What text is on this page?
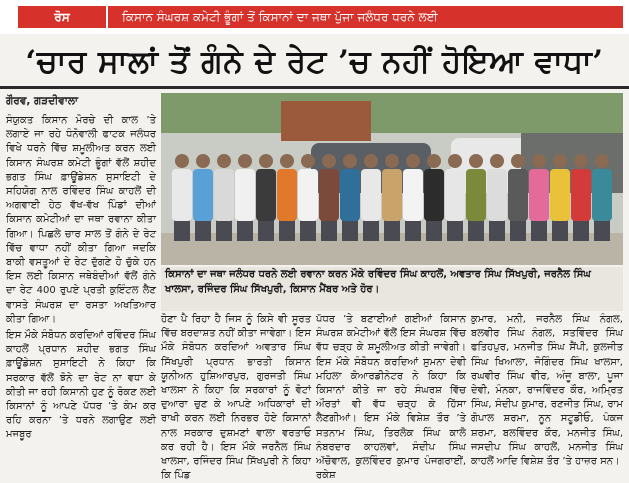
ਰੋਸ	ਕਿਸਾਨ ਸੰਘਰਸ਼ ਕਮੇਟੀ ਭੂੰਗਾਂ ਤੋਂ ਕਿਸਾਨਾਂ ਦਾ ਜਥਾ ਪੁੱਜਾ ਜਲੰਧਰ ਧਰਨੇ ਲਈ
‘ਚਾਰ ਸਾਲਾਂ ਤੋਂ ਗੰਨੇ ਦੇ ਰੇਟ ’ਚ ਨਹੀਂ ਹੋਇਆ ਵਾਧਾ’
ਗੌਰਵ, ਗੜਦੀਵਾਲਾ

ਸੰਯੁਕਤ ਕਿਸਾਨ ਮੋਰਚੇ ਦੀ ਕਾਲ ’ਤੇ ਲਗਾਏ ਜਾ ਰਹੇ ਧੰਨੋਵਾਲੀ ਫਾਟਕ ਜਲੰਧਰ ਵਿਖੇ ਧਰਨੇ ਵਿੱਚ ਸ਼ਮੂਲੀਅਤ ਕਰਨ ਲਈ ਕਿਸਾਨ ਸੰਘਰਸ਼ ਕਮੇਟੀ ਭੂੰਗਾਂ ਵੱਲੋਂ ਸ਼ਹੀਦ ਭਗਤ ਸਿੰਘ ਫ਼ਾਊਂਡੇਸ਼ਨ ਸੁਸਾਇਟੀ ਦੇ ਸਹਿਯੋਗ ਨਾਲ ਰਵਿੰਦਰ ਸਿੰਘ ਕਾਹਲੋਂ ਦੀ ਅਗਵਾਈ ਹੇਠ ਵੱਖ-ਵੱਖ ਪਿੰਡਾਂ ਦੀਆਂ ਕਿਸਾਨ ਕਮੇਟੀਆਂ ਦਾ ਜਥਾ ਰਵਾਨਾ ਕੀਤਾ ਗਿਆ। ਪਿਛਲੇ ਚਾਰ ਸਾਲ ਤੋਂ ਗੰਨੇ ਦੇ ਰੇਟ ਵਿੱਚ ਵਾਧਾ ਨਹੀਂ ਕੀਤਾ ਗਿਆ ਜਦਕਿ ਬਾਕੀ ਵਸਤੂਆਂ ਦੇ ਰੇਟ ਦੁੱਗਣੇ ਹੋ ਚੁੱਕੇ ਹਨ ਇਸ ਲਈ ਕਿਸਾਨ ਜਥੇਬੰਦੀਆਂ ਵੱਲੋਂ ਗੰਨੇ ਦਾ ਰੇਟ 400 ਰੁਪਏ ਪ੍ਰਤੀ ਕੁਇੰਟਲ ਲੈਣ ਵਾਸਤੇ ਸੰਘਰਸ਼ ਦਾ ਰਸਤਾ ਅਖਤਿਆਰ ਕੀਤਾ ਗਿਆ।

ਇਸ ਮੌਕੇ ਸੰਬੋਧਨ ਕਰਦਿਆਂ ਰਵਿੰਦਰ ਸਿੰਘ ਕਾਹਲੋਂ ਪ੍ਰਧਾਨ ਸ਼ਹੀਦ ਭਗਤ ਸਿੰਘ ਫ਼ਾਊਂਡੇਸ਼ਨ ਸੁਸਾਇਟੀ ਨੇ ਕਿਹਾ ਕਿ ਸਰਕਾਰ ਵੱਲੋਂ ਝੋਨੇ ਦਾ ਰੇਟ ਨਾ ਵਧਾ ਕੇ ਕੀਤੀ ਜਾ ਰਹੀ ਕਿਸਾਨੀ ਹੁਣ ਨੂੰ ਰੋਕਣ ਲਈ ਕਿਸਾਨਾਂ ਨੂੰ ਆਪਣੇ ਪੱਧਰ ’ਤੇ ਕੰਮ ਕਰ ਰਹਿ ਕਰਨਾ ’ਤੇ ਧਰਨੇ ਲਗਾਉਣ ਲਈ ਮਜਬੂਰ

ਕਿਸਾਨਾਂ ਦਾ ਜਥਾ ਜਲੰਧਰ ਧਰਨੇ ਲਈ ਰਵਾਨਾ ਕਰਨ ਮੌਕੇ ਰਵਿੰਦਰ ਸਿੰਘ ਕਾਹਲੋਂ, ਅਵਤਾਰ ਸਿੰਘ ਸਿੱਖਪੁਰੀ, ਜਰਨੈਲ ਸਿੰਘ ਖਾਲਸਾ, ਰਜਿੰਦਰ ਸਿੰਘ ਸਿੱਖਪੁਰੀ, ਕਿਸਾਨ ਮੈਂਬਰ ਅਤੇ ਹੋਰ।

ਹੋਣਾ ਪੈ ਰਿਹਾ ਹੈ ਜਿਸ ਨੂੰ ਕਿਸੇ ਵੀ ਸੂਰਤ ਵਿੱਚ ਬਰਦਾਸ਼ਤ ਨਹੀਂ ਕੀਤਾ ਜਾਵੇਗਾ। ਇਸ ਮੌਕੇ ਸੰਬੋਧਨ ਕਰਦਿਆਂ ਅਵਤਾਰ ਸਿੰਘ ਸਿੱਖਪੁਰੀ ਪ੍ਰਧਾਨ ਭਾਰਤੀ ਕਿਸਾਨ ਯੂਨੀਅਨ ਹੁਸ਼ਿਆਰਪੁਰ, ਗੁਰਜਤੀ ਸਿੰਘ ਖਾਲਸਾ ਨੇ ਕਿਹਾ ਕਿ ਸਰਕਾਰਾਂ ਨੂੰ ਵੋਟਾਂ ਦੁਆਰਾ ਚੁਣ ਕੇ ਆਪਣੇ ਅਧਿਕਾਰਾਂ ਦੀ ਰਾਖੀ ਕਰਨ ਲਈ ਨਿਰਭਰ ਹੋਏ ਕਿਸਾਨਾਂ ਨਾਲ ਸਰਕਾਰ ਦੁਸ਼ਮਣਾਂ ਵਾਲਾ ਵਰਤਾਓ ਕਰ ਰਹੀ ਹੈ। ਇਸ ਮੌਕੇ ਜਰਨੈਲ ਸਿੰਘ ਖਾਲਸਾ, ਰਜਿੰਦਰ ਸਿੰਘ ਸਿੱਖਪੁਰੀ ਨੇ ਕਿਹਾ ਕਿ ਪਿੰਡ

ਪੱਧਰ ’ਤੇ ਬਣਾਈਆਂ ਗਈਆਂ ਕਿਸਾਨ ਸੰਘਰਸ਼ ਕਮੇਟੀਆਂ ਵੱਲੋਂ ਇਸ ਸੰਘਰਸ਼ ਵਿੱਚ ਵੱਧ ਚੜ੍ਹ ਕੇ ਸ਼ਮੂਲੀਅਤ ਕੀਤੀ ਜਾਵੇਗੀ। ਇਸ ਮੌਕੇ ਸੰਬੋਧਨ ਕਰਦਿਆਂ ਸੁਮਨਾ ਦੇਵੀ ਮਹਿਲਾ ਕੋਆਰਡੀਨੇਟਰ ਨੇ ਕਿਹਾ ਕਿ ਕਿਸਾਨਾਂ ਕੀਤੇ ਜਾ ਰਹੇ ਸੰਘਰਸ਼ ਵਿੱਚ ਔਰਤਾਂ ਵੀ ਵੱਧ ਚੜ੍ਹ ਕੇ ਹਿੱਸਾ ਲੈਣਗੀਆਂ। ਇਸ ਮੌਕੇ ਵਿਸ਼ੇਸ਼ ਤੌਰ ’ਤੇ ਸਤਨਾਮ ਸਿੰਘ, ਤਿਰਲੋਕ ਸਿੰਘ ਕਾਲੋ ਨੰਬਰਦਾਰ ਕਾਹਲਵਾਂ, ਸੰਦੀਪ ਸਿੰਘ ਅੱਚੋਵਾਲ, ਕੁਲਵਿੰਦਰ ਕੁਮਾਰ ਪੰਜਗਰਾਈਂ, ਰਕੇਸ਼

ਕੁਮਾਰ, ਮਨੀ, ਜਰਨੈਲ ਸਿੰਘ ਨੰਗਲ, ਬਲਵੀਰ ਸਿੰਘ ਨੰਗਲ, ਸਤਵਿੰਦਰ ਸਿੰਘ ਫਤਿਹਪੁਰ, ਮਨਜੀਤ ਸਿੰਘ ਸੈਂਪੀ, ਕੁਲਜੀਤ ਸਿੰਘ ਖਿਆਲਾ, ਜੋਗਿੰਦਰ ਸਿੰਘ ਖਾਲਸਾ, ਰਘਵੀਰ ਸਿੰਘ ਵੀਰ, ਅੰਜੂ ਬਾਲਾ, ਪੂਜਾ ਦੇਵੀ, ਮੰਨਕਾ, ਰਾਜਵਿੰਦਰ ਕੌਰ, ਅਮ੍ਰਿਤ ਸਿੰਘ, ਸੰਦੀਪ ਕੁਮਾਰ, ਰਣਜੀਤ ਸਿੰਘ, ਰਾਮ ਗੋਪਾਲ ਸ਼ਰਮਾ, ਨੂਨ ਸਟੂਡੀਓ, ਪੰਕਜ ਸ਼ਰਮਾ, ਬਲਵਿੰਦਰ ਕੌਰ, ਮਨਜੀਤ ਸਿੰਘ, ਜਸਦੀਪ ਸਿੰਘ ਕਾਹਲੋਂ, ਮਨਜੀਤ ਸਿੰਘ ਕਾਹਲੋਂ ਆਦਿ ਵਿਸ਼ੇਸ਼ ਤੌਰ ’ਤੇ ਹਾਜ਼ਰ ਸਨ।
